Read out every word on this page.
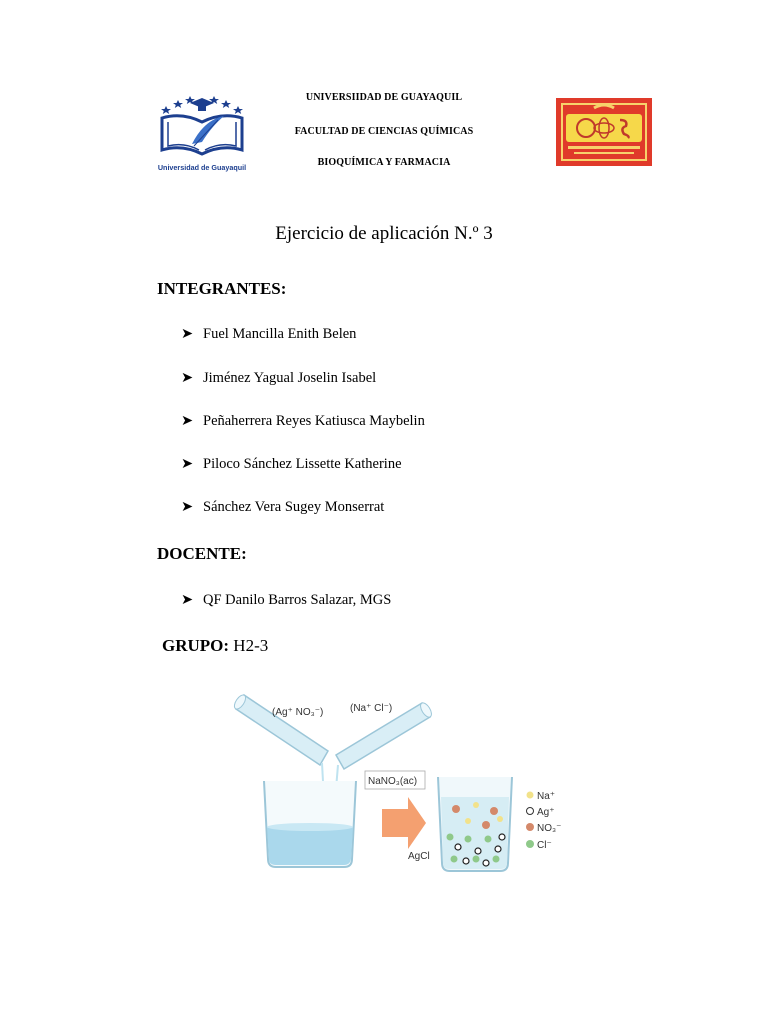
Universidad de Guayaquil
UNIVERSIIDAD DE GUAYAQUIL
FACULTAD DE CIENCIAS QUÍMICAS
BIOQUÍMICA Y FARMACIA
Ejercicio de aplicación N.º 3
INTEGRANTES:
➤ Fuel Mancilla Enith Belen
➤ Jiménez Yagual Joselin Isabel
➤ Peñaherrera Reyes Katiusca Maybelin
➤ Piloco Sánchez Lissette Katherine
➤ Sánchez Vera Sugey Monserrat
DOCENTE:
➤ QF Danilo Barros Salazar, MGS
GRUPO: H2-3
(Ag⁺ NO₃⁻)	(Na⁺ Cl⁻)
NaNO₃(ac)
AgCl
Na⁺
Ag⁺
NO₃⁻
Cl⁻
